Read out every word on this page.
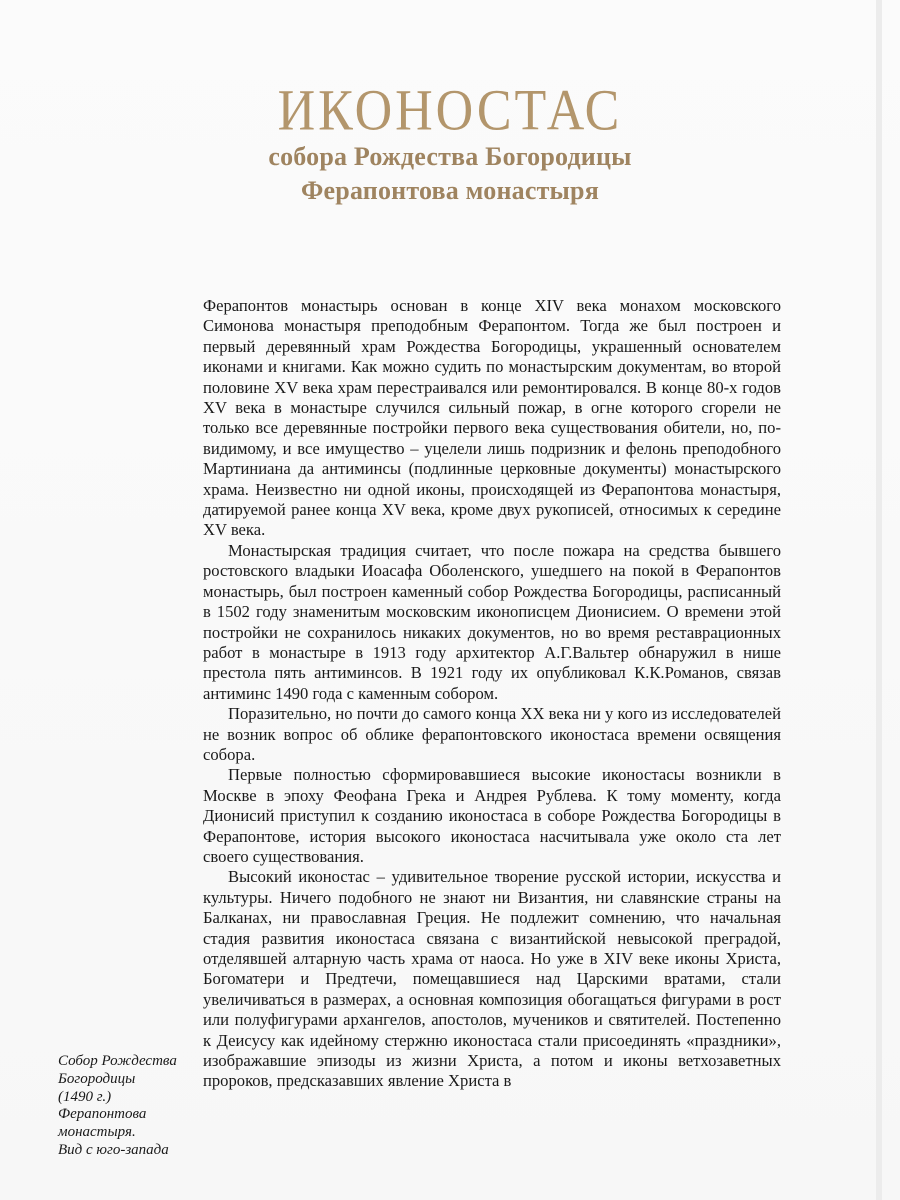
ИКОНОСТАС
собора Рождества Богородицы
Ферапонтова монастыря

Ферапонтов монастырь основан в конце XIV века монахом московского Симонова монастыря преподобным Ферапонтом. Тогда же был построен и первый деревянный храм Рождества Богородицы, украшенный основателем иконами и книгами. Как можно судить по монастырским документам, во второй половине XV века храм перестраивался или ремонтировался. В конце 80-х годов XV века в монастыре случился сильный пожар, в огне которого сгорели не только все деревянные постройки первого века существования обители, но, по-видимому, и все имущество – уцелели лишь подризник и фелонь преподобного Мартиниана да антиминсы (подлинные церковные документы) монастырского храма. Неизвестно ни одной иконы, происходящей из Ферапонтова монастыря, датируемой ранее конца XV века, кроме двух рукописей, относимых к середине XV века.

Монастырская традиция считает, что после пожара на средства бывшего ростовского владыки Иоасафа Оболенского, ушедшего на покой в Ферапонтов монастырь, был построен каменный собор Рождества Богородицы, расписанный в 1502 году знаменитым московским иконописцем Дионисием. О времени этой постройки не сохранилось никаких документов, но во время реставрационных работ в монастыре в 1913 году архитектор А.Г.Вальтер обнаружил в нише престола пять антиминсов. В 1921 году их опубликовал К.К.Романов, связав антиминс 1490 года с каменным собором.

Поразительно, но почти до самого конца XX века ни у кого из исследователей не возник вопрос об облике ферапонтовского иконостаса времени освящения собора.

Первые полностью сформировавшиеся высокие иконостасы возникли в Москве в эпоху Феофана Грека и Андрея Рублева. К тому моменту, когда Дионисий приступил к созданию иконостаса в соборе Рождества Богородицы в Ферапонтове, история высокого иконостаса насчитывала уже около ста лет своего существования.

Высокий иконостас – удивительное творение русской истории, искусства и культуры. Ничего подобного не знают ни Византия, ни славянские страны на Балканах, ни православная Греция. Не подлежит сомнению, что начальная стадия развития иконостаса связана с византийской невысокой преградой, отделявшей алтарную часть храма от наоса. Но уже в XIV веке иконы Христа, Богоматери и Предтечи, помещавшиеся над Царскими вратами, стали увеличиваться в размерах, а основная композиция обогащаться фигурами в рост или полуфигурами архангелов, апостолов, мучеников и святителей. Постепенно к Деисусу как идейному стержню иконостаса стали присоединять «праздники», изображавшие эпизоды из жизни Христа, а потом и иконы ветхозаветных пророков, предсказавших явление Христа в

Собор Рождества
Богородицы
(1490 г.)
Ферапонтова
монастыря.
Вид с юго-запада
